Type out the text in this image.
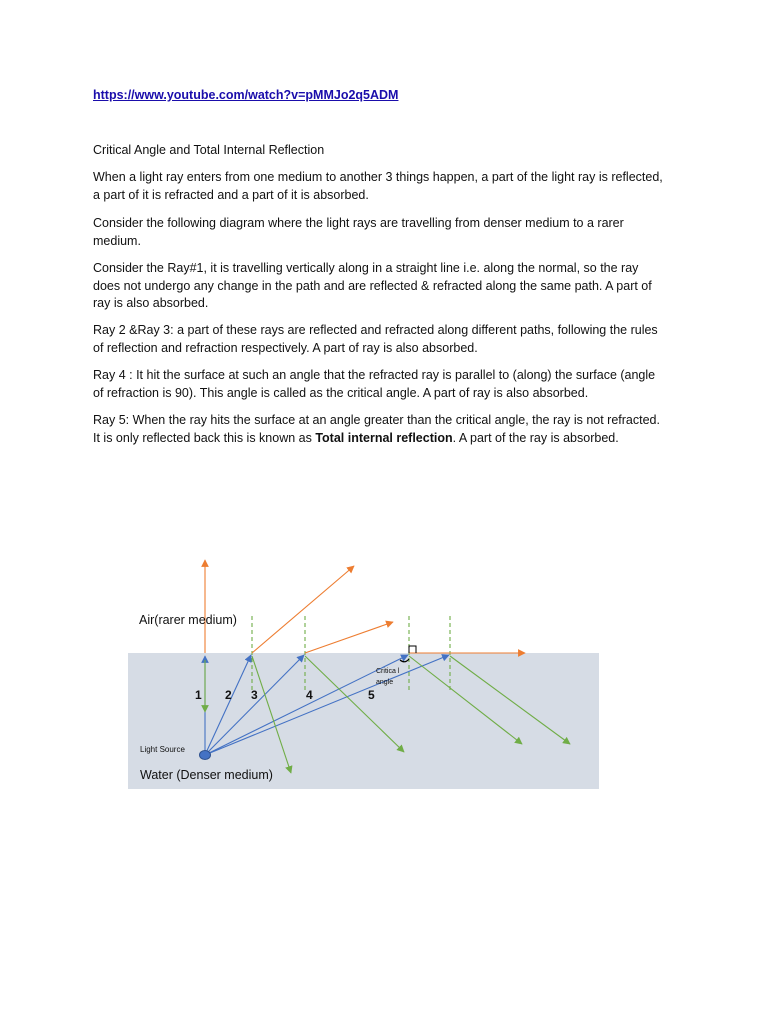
https://www.youtube.com/watch?v=pMMJo2q5ADM
Critical Angle and Total Internal Reflection
When a light ray enters from one medium to another 3 things happen, a part of the light ray is reflected, a part of it is refracted and a part of it is absorbed.
Consider the following diagram where the light rays are travelling from denser medium to a rarer medium.
Consider the Ray#1, it is travelling vertically along in a straight line i.e. along the normal, so the ray does not undergo any change in the path and are reflected & refracted along the same path. A part of ray is also absorbed.
Ray 2 &Ray 3: a part of these rays are reflected and refracted along different paths, following the rules of reflection and refraction respectively. A part of ray is also absorbed.
Ray 4 : It hit the surface at such an angle that the refracted ray is parallel to (along) the surface (angle of refraction is 90). This angle is called as the critical angle. A part of ray is also absorbed.
Ray 5: When the ray hits the surface at an angle greater than the critical angle, the ray is not refracted. It is only reflected back this is known as Total internal reflection. A part of the ray is absorbed.
Air(rarer medium)
Water (Denser medium)
Light Source
Critica l
angle
1 2 3	4	5
